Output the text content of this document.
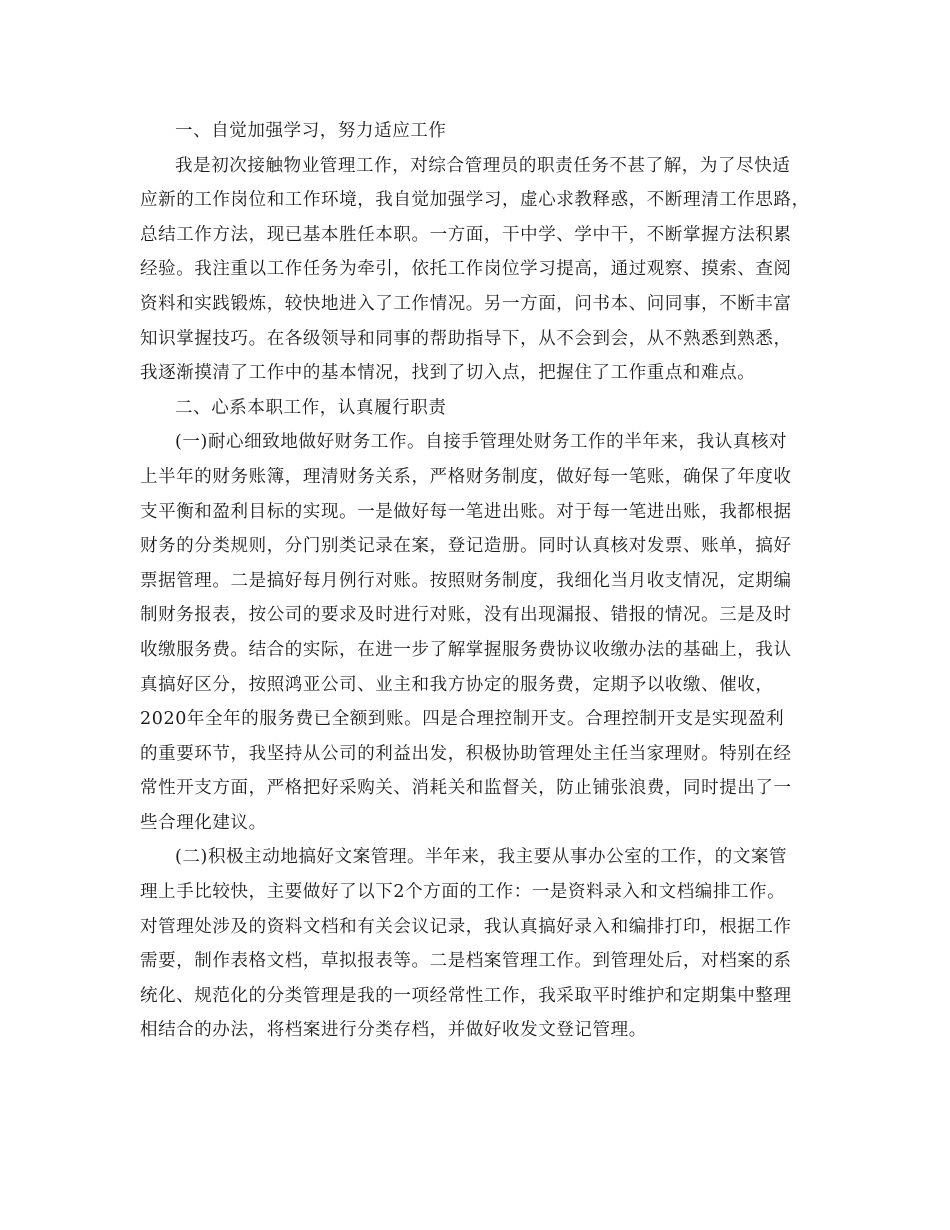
一、自觉加强学习，努力适应工作
我是初次接触物业管理工作，对综合管理员的职责任务不甚了解，为了尽快适
应新的工作岗位和工作环境，我自觉加强学习，虚心求教释惑，不断理清工作思路，
总结工作方法，现已基本胜任本职。一方面，干中学、学中干，不断掌握方法积累
经验。我注重以工作任务为牵引，依托工作岗位学习提高，通过观察、摸索、查阅
资料和实践锻炼，较快地进入了工作情况。另一方面，问书本、问同事，不断丰富
知识掌握技巧。在各级领导和同事的帮助指导下，从不会到会，从不熟悉到熟悉，
我逐渐摸清了工作中的基本情况，找到了切入点，把握住了工作重点和难点。
二、心系本职工作，认真履行职责
(一)耐心细致地做好财务工作。自接手管理处财务工作的半年来，我认真核对
上半年的财务账簿，理清财务关系，严格财务制度，做好每一笔账，确保了年度收
支平衡和盈利目标的实现。一是做好每一笔进出账。对于每一笔进出账，我都根据
财务的分类规则，分门别类记录在案，登记造册。同时认真核对发票、账单，搞好
票据管理。二是搞好每月例行对账。按照财务制度，我细化当月收支情况，定期编
制财务报表，按公司的要求及时进行对账，没有出现漏报、错报的情况。三是及时
收缴服务费。结合的实际，在进一步了解掌握服务费协议收缴办法的基础上，我认
真搞好区分，按照鸿亚公司、业主和我方协定的服务费，定期予以收缴、催收，
2020年全年的服务费已全额到账。四是合理控制开支。合理控制开支是实现盈利
的重要环节，我坚持从公司的利益出发，积极协助管理处主任当家理财。特别在经
常性开支方面，严格把好采购关、消耗关和监督关，防止铺张浪费，同时提出了一
些合理化建议。
(二)积极主动地搞好文案管理。半年来，我主要从事办公室的工作，的文案管
理上手比较快，主要做好了以下2个方面的工作：一是资料录入和文档编排工作。
对管理处涉及的资料文档和有关会议记录，我认真搞好录入和编排打印，根据工作
需要，制作表格文档，草拟报表等。二是档案管理工作。到管理处后，对档案的系
统化、规范化的分类管理是我的一项经常性工作，我采取平时维护和定期集中整理
相结合的办法，将档案进行分类存档，并做好收发文登记管理。
